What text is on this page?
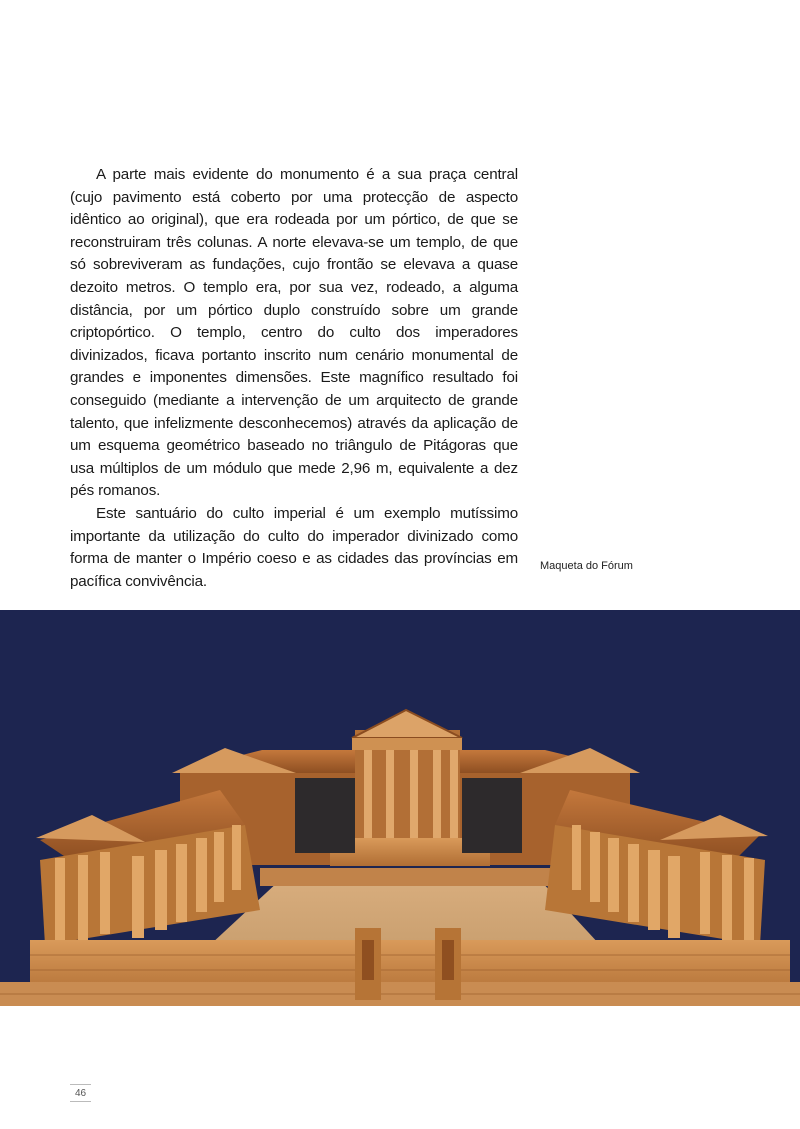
A parte mais evidente do monumento é a sua praça central (cujo pavimento está coberto por uma protecção de aspecto idêntico ao original), que era rodeada por um pórtico, de que se reconstruiram três colunas. A norte elevava-se um templo, de que só sobreviveram as fundações, cujo frontão se elevava a quase dezoito metros. O templo era, por sua vez, rodeado, a alguma distância, por um pórtico duplo construído sobre um grande criptopórtico. O templo, centro do culto dos imperadores divinizados, ficava portanto inscrito num cenário monumental de grandes e imponentes dimensões. Este magnífico resultado foi conseguido (mediante a intervenção de um arquitecto de grande talento, que infelizmente desconhecemos) através da aplicação de um esquema geométrico baseado no triângulo de Pitágoras que usa múltiplos de um módulo que mede 2,96 m, equivalente a dez pés romanos.

Este santuário do culto imperial é um exemplo mutíssimo importante da utilização do culto do imperador divinizado como forma de manter o Império coeso e as cidades das províncias em pacífica convivência.

Maqueta do Fórum
46
